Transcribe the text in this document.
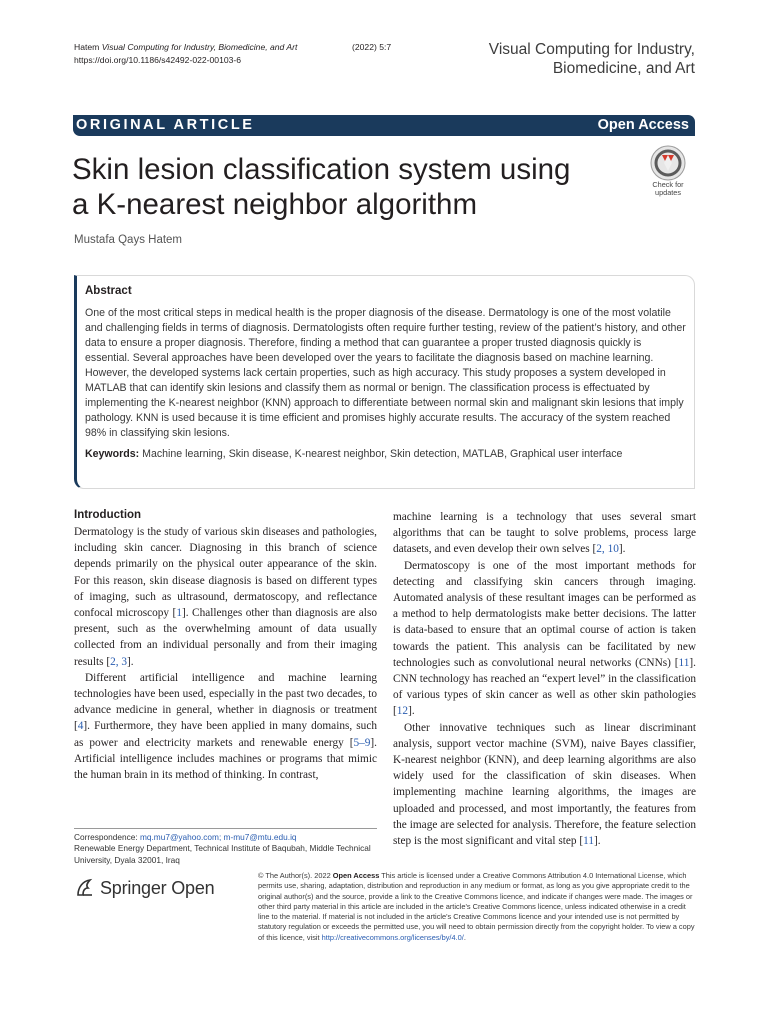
Hatem Visual Computing for Industry, Biomedicine, and Art	(2022) 5:7
https://doi.org/10.1186/s42492-022-00103-6
Visual Computing for Industry,
Biomedicine, and Art
ORIGINAL ARTICLE	Open Access
Skin lesion classification system using a K-nearest neighbor algorithm
Check for
updates
Mustafa Qays Hatem
Abstract

One of the most critical steps in medical health is the proper diagnosis of the disease. Dermatology is one of the most volatile and challenging fields in terms of diagnosis. Dermatologists often require further testing, review of the patient’s history, and other data to ensure a proper diagnosis. Therefore, finding a method that can guarantee a proper trusted diagnosis quickly is essential. Several approaches have been developed over the years to facilitate the diagnosis based on machine learning. However, the developed systems lack certain properties, such as high accuracy. This study proposes a system developed in MATLAB that can identify skin lesions and classify them as normal or benign. The classification process is effectuated by implementing the K-nearest neighbor (KNN) approach to differentiate between normal skin and malignant skin lesions that imply pathology. KNN is used because it is time efficient and promises highly accurate results. The accuracy of the system reached 98% in classifying skin lesions.

Keywords: Machine learning, Skin disease, K-nearest neighbor, Skin detection, MATLAB, Graphical user interface
Introduction

Dermatology is the study of various skin diseases and pathologies, including skin cancer. Diagnosing in this branch of science depends primarily on the physical outer appearance of the skin. For this reason, skin disease diagnosis is based on different types of imaging, such as ultrasound, dermatoscopy, and reflectance confocal microscopy [1]. Challenges other than diagnosis are also present, such as the overwhelming amount of data usually collected from an individual personally and from their imaging results [2, 3].

Different artificial intelligence and machine learning technologies have been used, especially in the past two decades, to advance medicine in general, whether in diagnosis or treatment [4]. Furthermore, they have been applied in many domains, such as power and electricity markets and renewable energy [5–9]. Artificial intelligence includes machines or programs that mimic the human brain in its method of thinking. In contrast,

machine learning is a technology that uses several smart algorithms that can be taught to solve problems, process large datasets, and even develop their own selves [2, 10].

Dermatoscopy is one of the most important methods for detecting and classifying skin cancers through imaging. Automated analysis of these resultant images can be performed as a method to help dermatologists make better decisions. The latter is data-based to ensure that an optimal course of action is taken towards the patient. This analysis can be facilitated by new technologies such as convolutional neural networks (CNNs) [11]. CNN technology has reached an “expert level” in the classification of various types of skin cancer as well as other skin pathologies [12].

Other innovative techniques such as linear discriminant analysis, support vector machine (SVM), naive Bayes classifier, K-nearest neighbor (KNN), and deep learning algorithms are also widely used for the classification of skin diseases. When implementing machine learning algorithms, the images are uploaded and processed, and most importantly, the features from the image are selected for analysis. Therefore, the feature selection step is the most significant and vital step [11].

Correspondence: mq.mu7@yahoo.com; m-mu7@mtu.edu.iq
Renewable Energy Department, Technical Institute of Baqubah, Middle Technical University, Dyala 32001, Iraq
Springer Open
© The Author(s). 2022 Open Access This article is licensed under a Creative Commons Attribution 4.0 International License, which permits use, sharing, adaptation, distribution and reproduction in any medium or format, as long as you give appropriate credit to the original author(s) and the source, provide a link to the Creative Commons licence, and indicate if changes were made. The images or other third party material in this article are included in the article's Creative Commons licence, unless indicated otherwise in a credit line to the material. If material is not included in the article's Creative Commons licence and your intended use is not permitted by statutory regulation or exceeds the permitted use, you will need to obtain permission directly from the copyright holder. To view a copy of this licence, visit http://creativecommons.org/licenses/by/4.0/.
